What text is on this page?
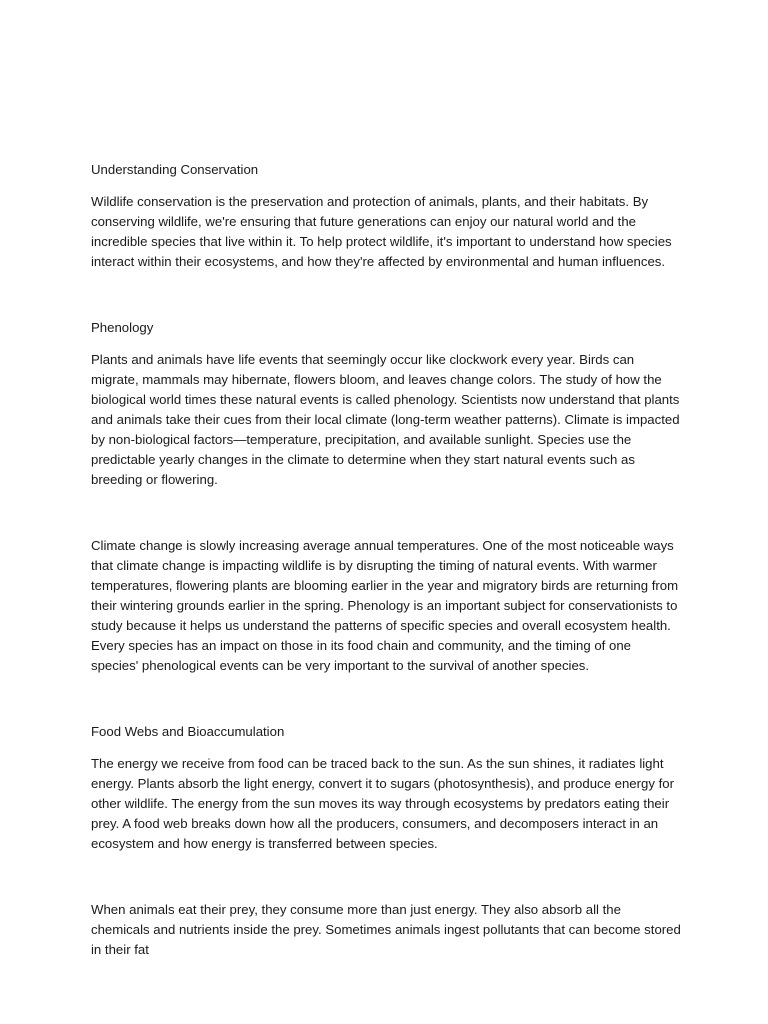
Understanding Conservation

Wildlife conservation is the preservation and protection of animals, plants, and their habitats. By conserving wildlife, we're ensuring that future generations can enjoy our natural world and the incredible species that live within it. To help protect wildlife, it's important to understand how species interact within their ecosystems, and how they're affected by environmental and human influences.

Phenology

Plants and animals have life events that seemingly occur like clockwork every year. Birds can migrate, mammals may hibernate, flowers bloom, and leaves change colors. The study of how the biological world times these natural events is called phenology. Scientists now understand that plants and animals take their cues from their local climate (long-term weather patterns). Climate is impacted by non-biological factors—temperature, precipitation, and available sunlight. Species use the predictable yearly changes in the climate to determine when they start natural events such as breeding or flowering.

Climate change is slowly increasing average annual temperatures. One of the most noticeable ways that climate change is impacting wildlife is by disrupting the timing of natural events. With warmer temperatures, flowering plants are blooming earlier in the year and migratory birds are returning from their wintering grounds earlier in the spring. Phenology is an important subject for conservationists to study because it helps us understand the patterns of specific species and overall ecosystem health. Every species has an impact on those in its food chain and community, and the timing of one species' phenological events can be very important to the survival of another species.

Food Webs and Bioaccumulation

The energy we receive from food can be traced back to the sun. As the sun shines, it radiates light energy. Plants absorb the light energy, convert it to sugars (photosynthesis), and produce energy for other wildlife. The energy from the sun moves its way through ecosystems by predators eating their prey. A food web breaks down how all the producers, consumers, and decomposers interact in an ecosystem and how energy is transferred between species.

When animals eat their prey, they consume more than just energy. They also absorb all the chemicals and nutrients inside the prey. Sometimes animals ingest pollutants that can become stored in their fat
